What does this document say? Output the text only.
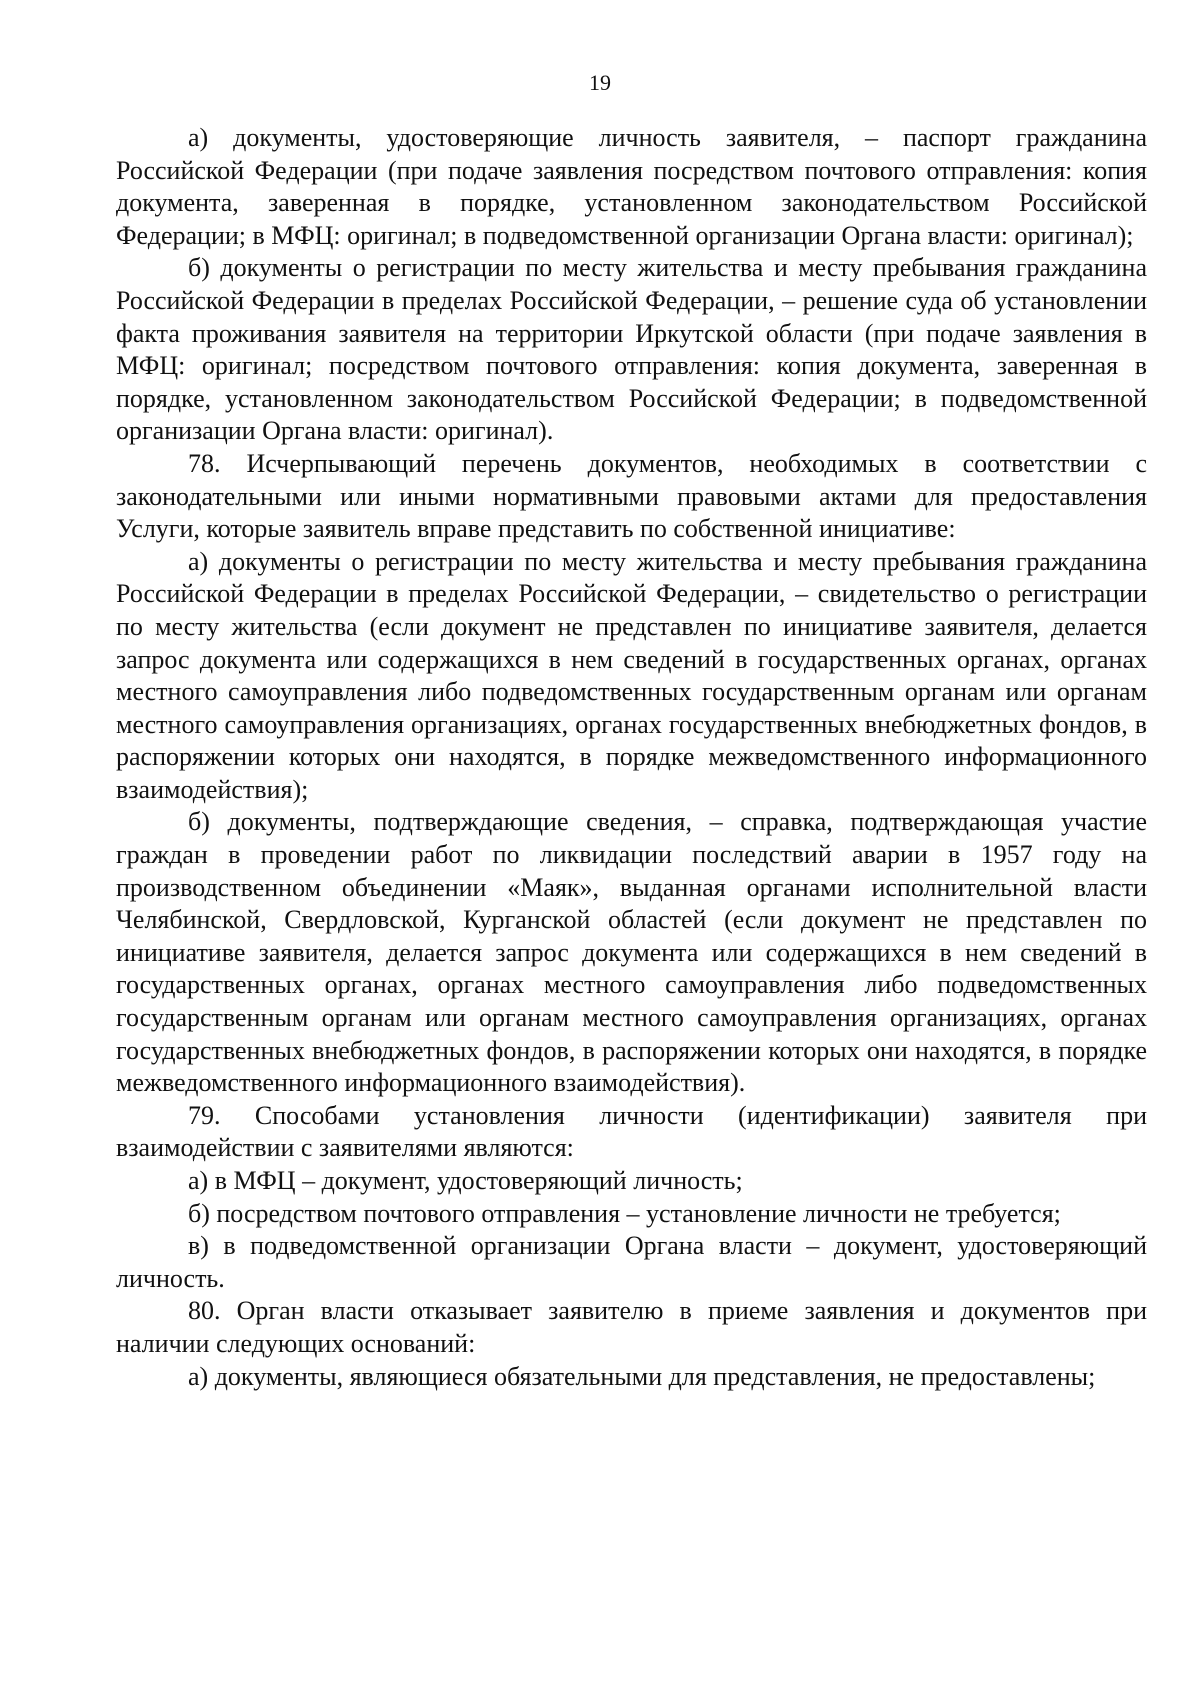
19

а) документы, удостоверяющие личность заявителя, – паспорт гражданина Российской Федерации (при подаче заявления посредством почтового отправления: копия документа, заверенная в порядке, установленном законодательством Российской Федерации; в МФЦ: оригинал; в подведомственной организации Органа власти: оригинал);

б) документы о регистрации по месту жительства и месту пребывания гражданина Российской Федерации в пределах Российской Федерации, – решение суда об установлении факта проживания заявителя на территории Иркутской области (при подаче заявления в МФЦ: оригинал; посредством почтового отправления: копия документа, заверенная в порядке, установленном законодательством Российской Федерации; в подведомственной организации Органа власти: оригинал).

78. Исчерпывающий перечень документов, необходимых в соответствии с законодательными или иными нормативными правовыми актами для предоставления Услуги, которые заявитель вправе представить по собственной инициативе:

а) документы о регистрации по месту жительства и месту пребывания гражданина Российской Федерации в пределах Российской Федерации, – свидетельство о регистрации по месту жительства (если документ не представлен по инициативе заявителя, делается запрос документа или содержащихся в нем сведений в государственных органах, органах местного самоуправления либо подведомственных государственным органам или органам местного самоуправления организациях, органах государственных внебюджетных фондов, в распоряжении которых они находятся, в порядке межведомственного информационного взаимодействия);

б) документы, подтверждающие сведения, – справка, подтверждающая участие граждан в проведении работ по ликвидации последствий аварии в 1957 году на производственном объединении «Маяк», выданная органами исполнительной власти Челябинской, Свердловской, Курганской областей (если документ не представлен по инициативе заявителя, делается запрос документа или содержащихся в нем сведений в государственных органах, органах местного самоуправления либо подведомственных государственным органам или органам местного самоуправления организациях, органах государственных внебюджетных фондов, в распоряжении которых они находятся, в порядке межведомственного информационного взаимодействия).

79. Способами установления личности (идентификации) заявителя при взаимодействии с заявителями являются:

а) в МФЦ – документ, удостоверяющий личность;

б) посредством почтового отправления – установление личности не требуется;

в) в подведомственной организации Органа власти – документ, удостоверяющий личность.

80. Орган власти отказывает заявителю в приеме заявления и документов при наличии следующих оснований:

а) документы, являющиеся обязательными для представления, не предоставлены;
